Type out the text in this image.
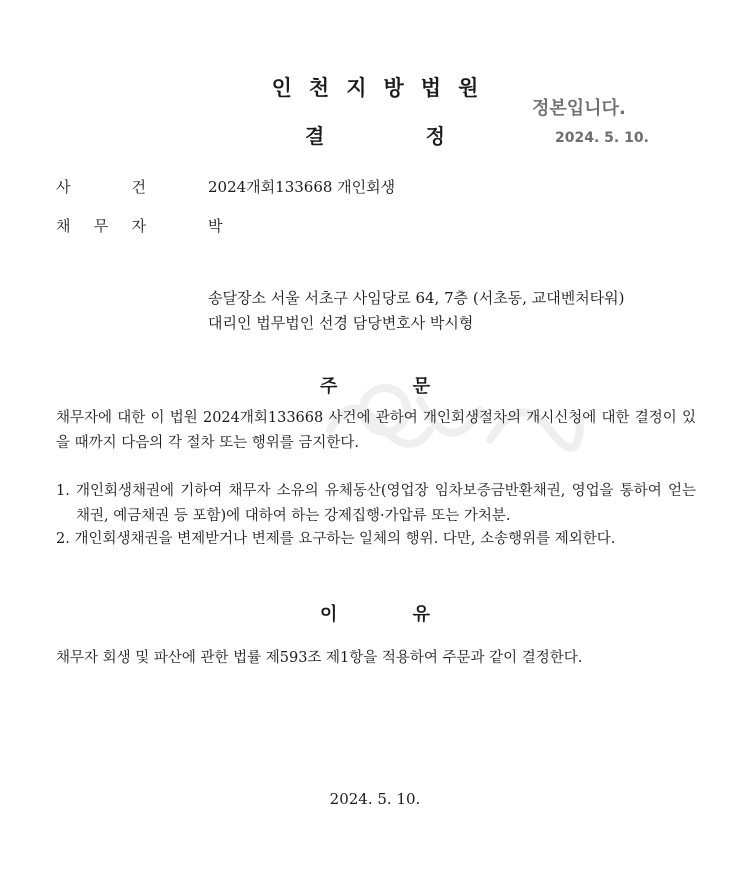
인천지방법원
결	정
정본입니다.
2024. 5. 10.
사	건	2024개회133668 개인회생
채 무 자	박
송달장소 서울 서초구 사임당로 64, 7층 (서초동, 교대벤처타워)
대리인 법무법인 선경 담당변호사 박시형
주	문
채무자에 대한 이 법원 2024개회133668 사건에 관하여 개인회생절차의 개시신청에 대한 결정이 있을 때까지 다음의 각 절차 또는 행위를 금지한다.
1. 개인회생채권에 기하여 채무자 소유의 유체동산(영업장 임차보증금반환채권, 영업을 통하여 얻는 채권, 예금채권 등 포함)에 대하여 하는 강제집행·가압류 또는 가처분.
2. 개인회생채권을 변제받거나 변제를 요구하는 일체의 행위. 다만, 소송행위를 제외한다.
이	유
채무자 회생 및 파산에 관한 법률 제593조 제1항을 적용하여 주문과 같이 결정한다.
2024. 5. 10.
